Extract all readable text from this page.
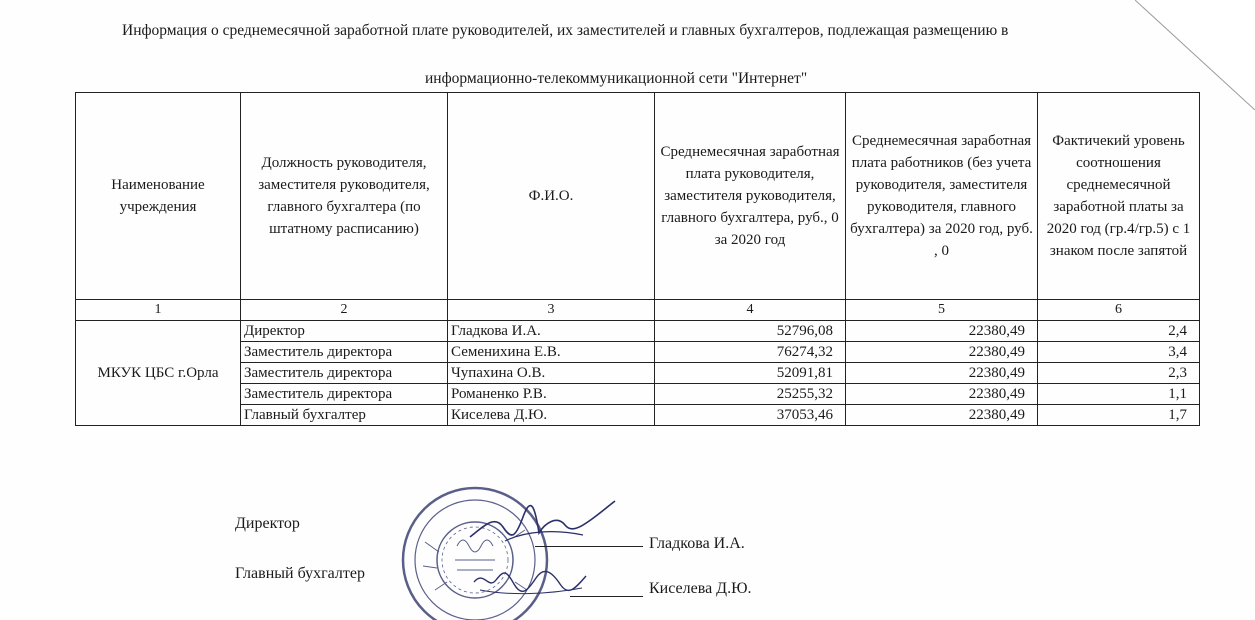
Информация о среднемесячной заработной плате руководителей, их заместителей и главных бухгалтеров, подлежащая размещению в
информационно-телекоммуникационной сети "Интернет"
Наименование учреждения	Должность руководителя, заместителя руководителя, главного бухгалтера (по штатному расписанию)	Ф.И.О.	Среднемесячная заработная плата руководителя, заместителя руководителя, главного бухгалтера, руб., 0 за 2020 год	Среднемесячная заработная плата работников (без учета руководителя, заместителя руководителя, главного бухгалтера) за 2020 год, руб. , 0	Фактичекий уровень соотношения среднемесячной заработной платы за 2020 год (гр.4/гр.5) с 1 знаком после запятой
1	2	3	4	5	6
МКУК ЦБС г.Орла	Директор	Гладкова И.А.	52796,08	22380,49	2,4
	Заместитель директора	Семенихина Е.В.	76274,32	22380,49	3,4
	Заместитель директора	Чупахина О.В.	52091,81	22380,49	2,3
	Заместитель директора	Романенко Р.В.	25255,32	22380,49	1,1
	Главный бухгалтер	Киселева Д.Ю.	37053,46	22380,49	1,7
Директор
Гладкова И.А.
Главный бухгалтер
Киселева Д.Ю.
